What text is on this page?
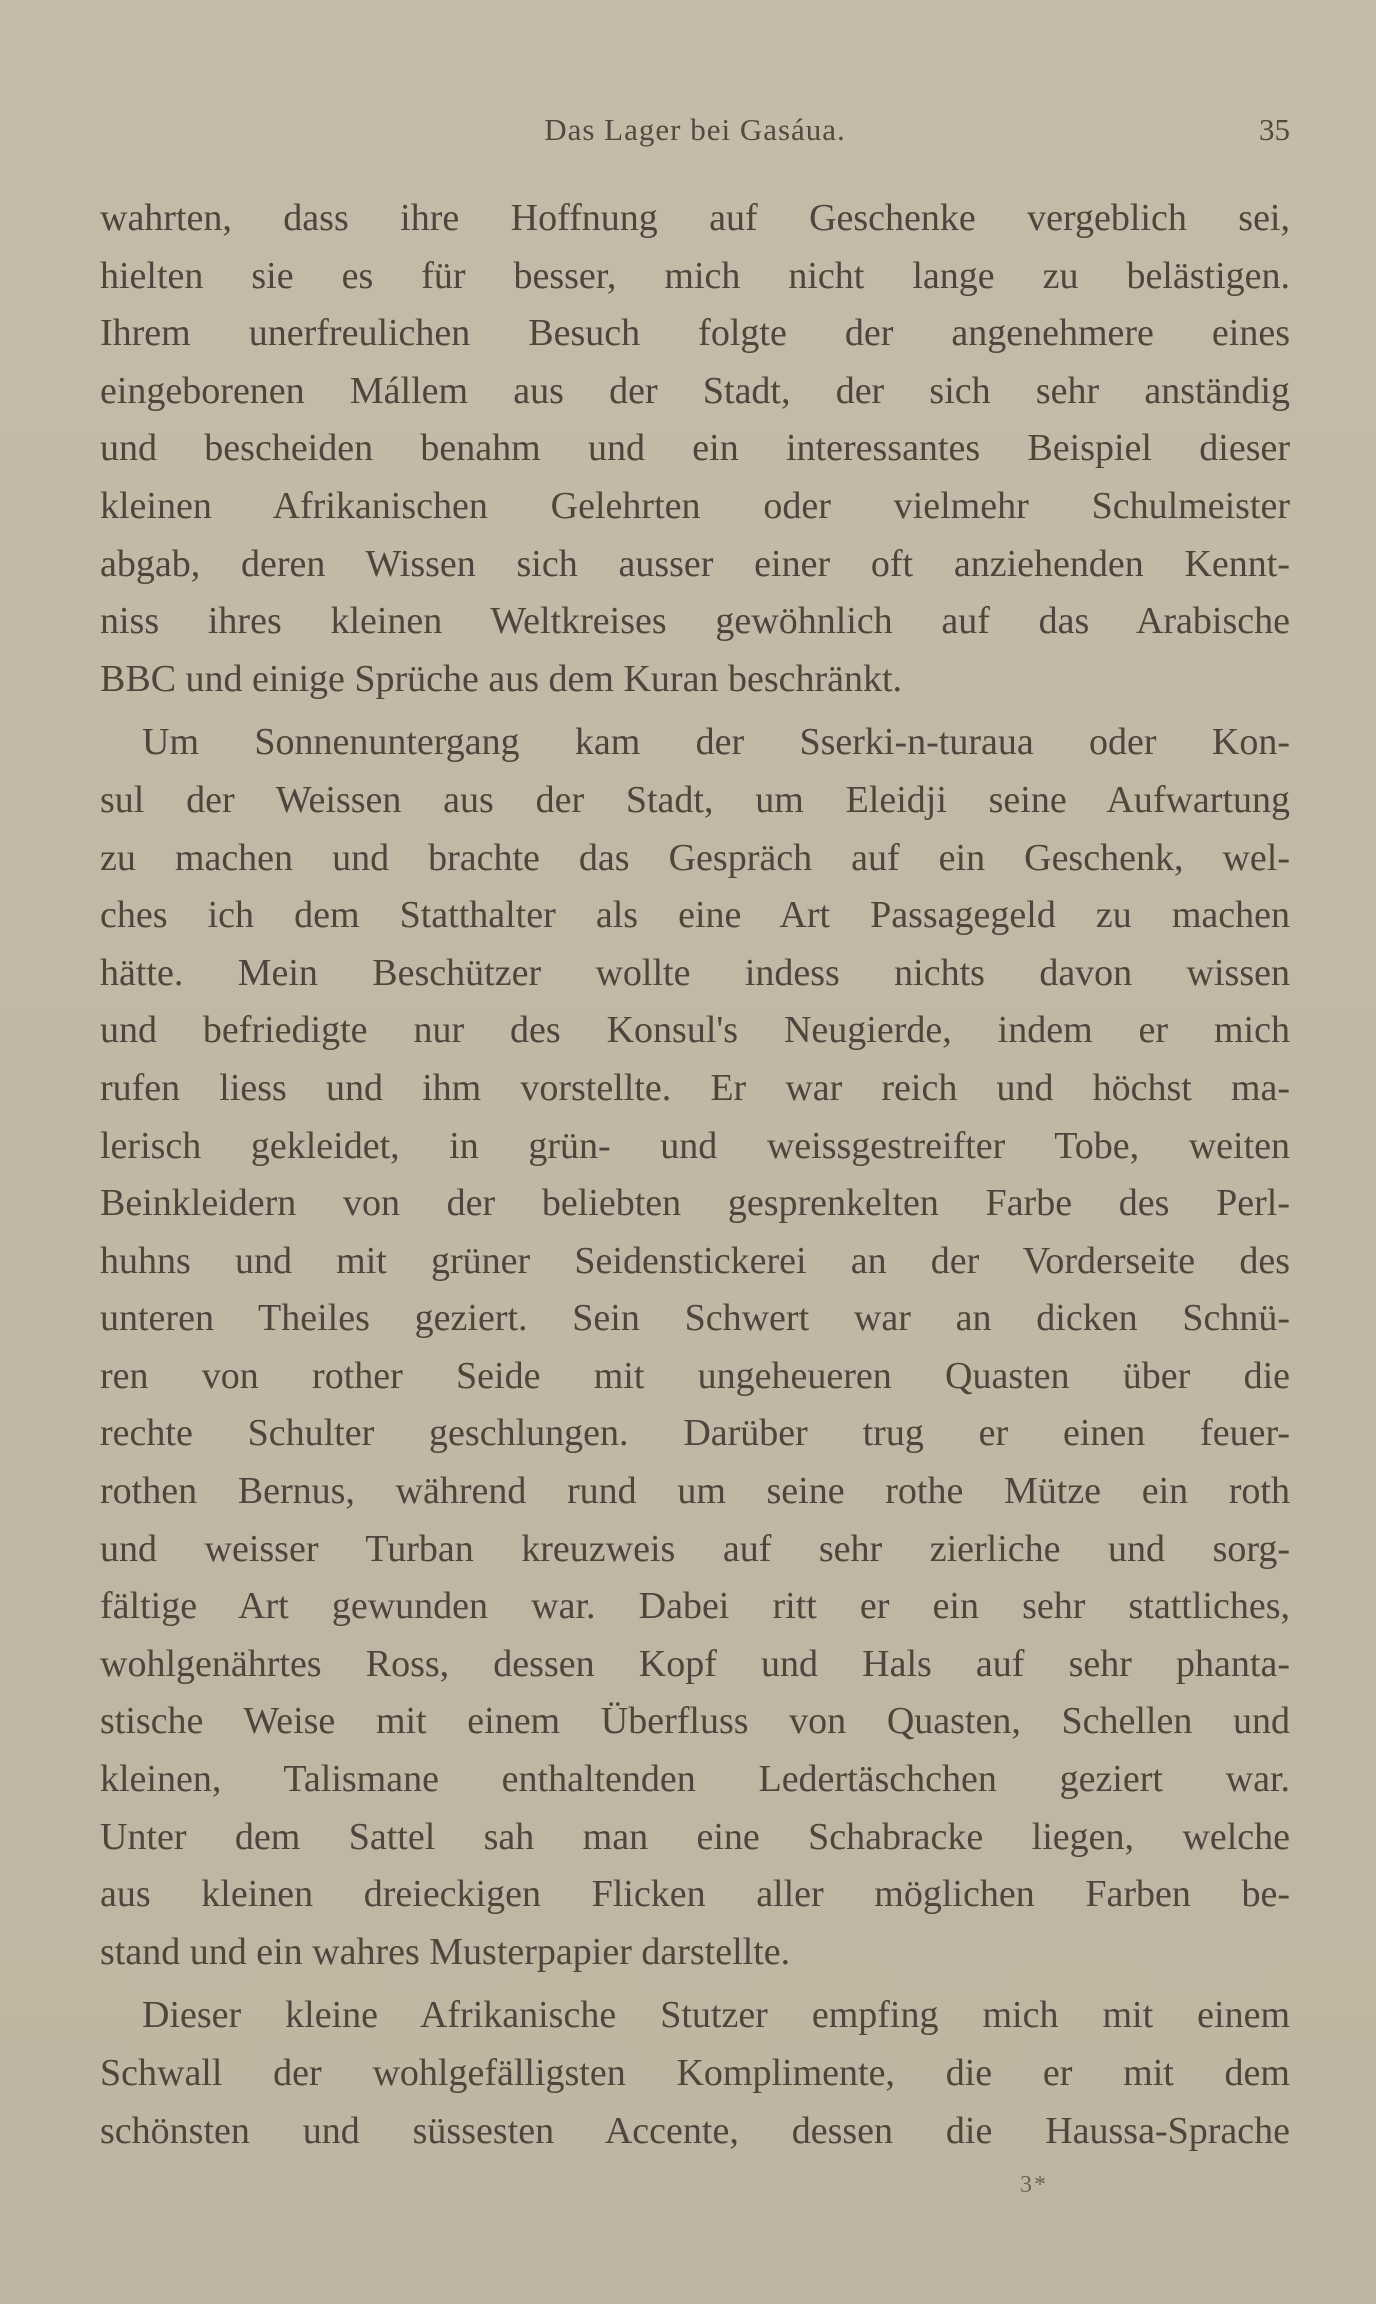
Das Lager bei Gasáua.	35
wahrten, dass ihre Hoffnung auf Geschenke vergeblich sei,
hielten sie es für besser, mich nicht lange zu belästigen.
Ihrem unerfreulichen Besuch folgte der angenehmere eines
eingeborenen Mállem aus der Stadt, der sich sehr anständig
und bescheiden benahm und ein interessantes Beispiel dieser
kleinen Afrikanischen Gelehrten oder vielmehr Schulmeister
abgab, deren Wissen sich ausser einer oft anziehenden Kennt-
niss ihres kleinen Weltkreises gewöhnlich auf das Arabische
BBC und einige Sprüche aus dem Kuran beschränkt.
Um Sonnenuntergang kam der Sserki-n-turaua oder Kon-
sul der Weissen aus der Stadt, um Eleidji seine Aufwartung
zu machen und brachte das Gespräch auf ein Geschenk, wel-
ches ich dem Statthalter als eine Art Passagegeld zu machen
hätte. Mein Beschützer wollte indess nichts davon wissen
und befriedigte nur des Konsul's Neugierde, indem er mich
rufen liess und ihm vorstellte. Er war reich und höchst ma-
lerisch gekleidet, in grün- und weissgestreifter Tobe, weiten
Beinkleidern von der beliebten gesprenkelten Farbe des Perl-
huhns und mit grüner Seidenstickerei an der Vorderseite des
unteren Theiles geziert. Sein Schwert war an dicken Schnü-
ren von rother Seide mit ungeheueren Quasten über die
rechte Schulter geschlungen. Darüber trug er einen feuer-
rothen Bernus, während rund um seine rothe Mütze ein roth
und weisser Turban kreuzweis auf sehr zierliche und sorg-
fältige Art gewunden war. Dabei ritt er ein sehr stattliches,
wohlgenährtes Ross, dessen Kopf und Hals auf sehr phanta-
stische Weise mit einem Überfluss von Quasten, Schellen und
kleinen, Talismane enthaltenden Ledertäschchen geziert war.
Unter dem Sattel sah man eine Schabracke liegen, welche
aus kleinen dreieckigen Flicken aller möglichen Farben be-
stand und ein wahres Musterpapier darstellte.
Dieser kleine Afrikanische Stutzer empfing mich mit einem
Schwall der wohlgefälligsten Komplimente, die er mit dem
schönsten und süssesten Accente, dessen die Haussa-Sprache
3*
